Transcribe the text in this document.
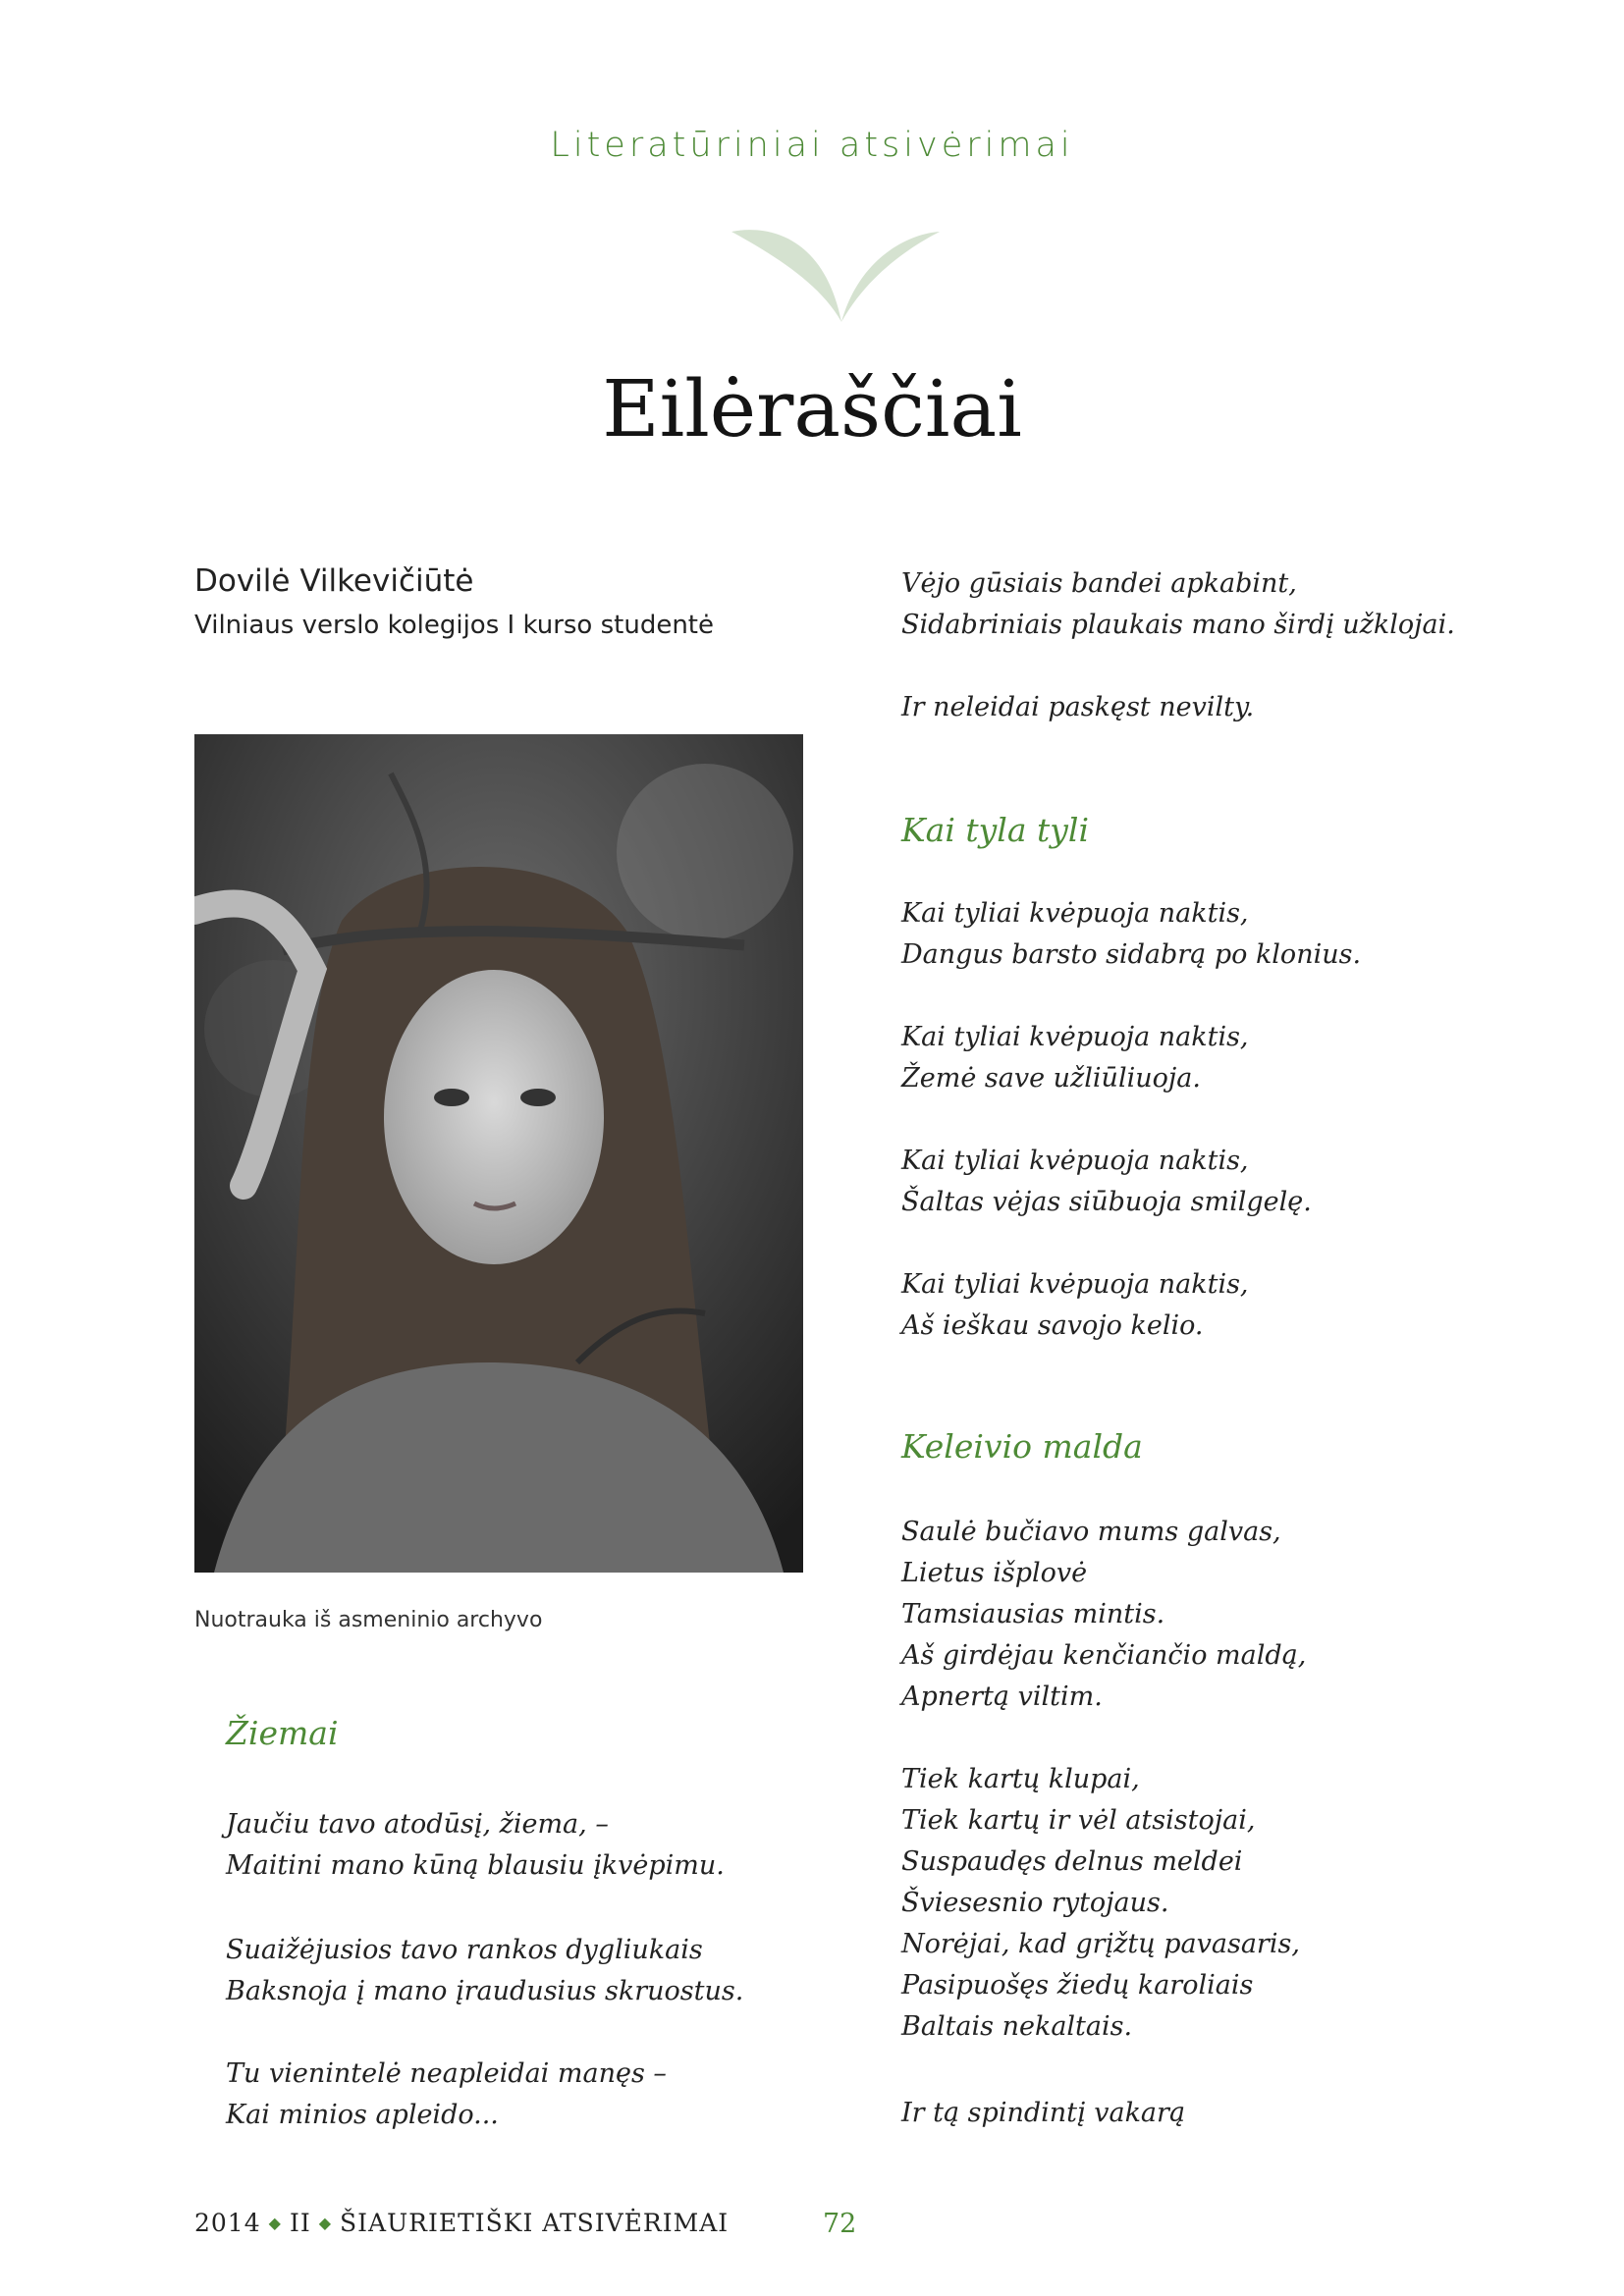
Literatūriniai atsivėrimai
Eilėraščiai
Dovilė Vilkevičiūtė
Vilniaus verslo kolegijos I kurso studentė
Nuotrauka iš asmeninio archyvo
Žiemai
Jaučiu tavo atodūsį, žiema, –
Maitini mano kūną blausiu įkvėpimu.
Suaižėjusios tavo rankos dygliukais
Baksnoja į mano įraudusius skruostus.
Tu vienintelė neapleidai manęs –
Kai minios apleido...
Vėjo gūsiais bandei apkabint,
Sidabriniais plaukais mano širdį užklojai.
Ir neleidai paskęst nevilty.
Kai tyla tyli
Kai tyliai kvėpuoja naktis,
Dangus barsto sidabrą po klonius.
Kai tyliai kvėpuoja naktis,
Žemė save užliūliuoja.
Kai tyliai kvėpuoja naktis,
Šaltas vėjas siūbuoja smilgelę.
Kai tyliai kvėpuoja naktis,
Aš ieškau savojo kelio.
Keleivio malda
Saulė bučiavo mums galvas,
Lietus išplovė
Tamsiausias mintis.
Aš girdėjau kenčiančio maldą,
Apnertą viltim.
Tiek kartų klupai,
Tiek kartų ir vėl atsistojai,
Suspaudęs delnus meldei
Šviesesnio rytojaus.
Norėjai, kad grįžtų pavasaris,
Pasipuošęs žiedų karoliais
Baltais nekaltais.
Ir tą spindintį vakarą
2014 ◆ II ◆ ŠIAURIETIŠKI ATSIVĖRIMAI	72
